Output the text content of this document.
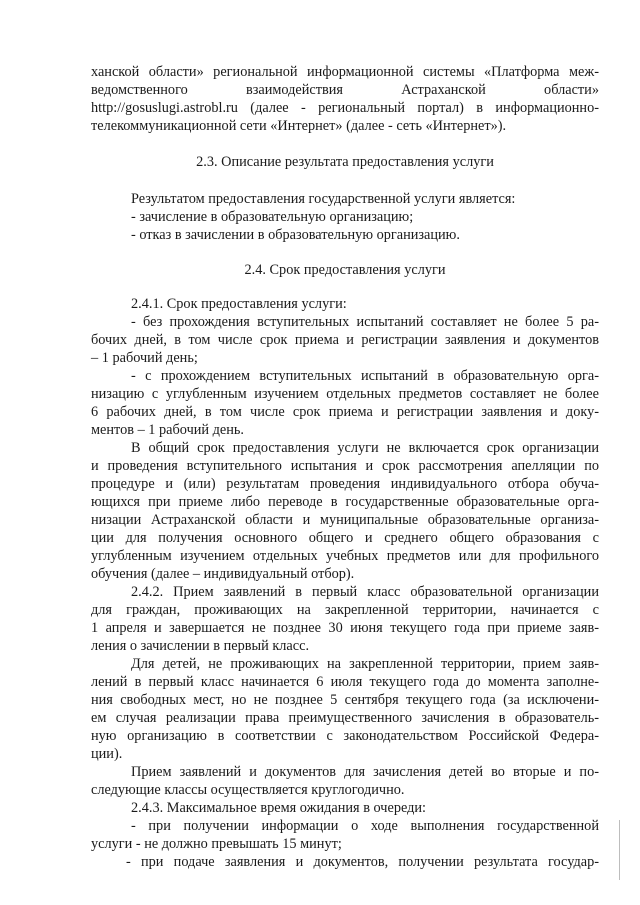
ханской области» региональной информационной системы «Платформа меж-

ведомственного взаимодействия Астраханской области»

http://gosuslugi.astrobl.ru (далее - региональный портал) в информационно-

телекоммуникационной сети «Интернет» (далее - сеть «Интернет»).

2.3. Описание результата предоставления услуги

Результатом предоставления государственной услуги является:

- зачисление в образовательную организацию;

- отказ в зачислении в образовательную организацию.

2.4. Срок предоставления услуги

2.4.1. Срок предоставления услуги:

- без прохождения вступительных испытаний составляет не более 5 ра-

бочих дней, в том числе срок приема и регистрации заявления и документов

– 1 рабочий день;

- с прохождением вступительных испытаний в образовательную орга-

низацию с углубленным изучением отдельных предметов составляет не более

6 рабочих дней, в том числе срок приема и регистрации заявления и доку-

ментов – 1 рабочий день.

В общий срок предоставления услуги не включается срок организации

и проведения вступительного испытания и срок рассмотрения апелляции по

процедуре и (или) результатам проведения индивидуального отбора обуча-

ющихся при приеме либо переводе в государственные образовательные орга-

низации Астраханской области и муниципальные образовательные организа-

ции для получения основного общего и среднего общего образования с

углубленным изучением отдельных учебных предметов или для профильного

обучения (далее – индивидуальный отбор).

2.4.2. Прием заявлений в первый класс образовательной организации

для граждан, проживающих на закрепленной территории, начинается с

1 апреля и завершается не позднее 30 июня текущего года при приеме заяв-

ления о зачислении в первый класс.

Для детей, не проживающих на закрепленной территории, прием заяв-

лений в первый класс начинается 6 июля текущего года до момента заполне-

ния свободных мест, но не позднее 5 сентября текущего года (за исключени-

ем случая реализации права преимущественного зачисления в образователь-

ную организацию в соответствии с законодательством Российской Федера-

ции).

Прием заявлений и документов для зачисления детей во вторые и по-

следующие классы осуществляется круглогодично.

2.4.3. Максимальное время ожидания в очереди:

- при получении информации о ходе выполнения государственной

услуги - не должно превышать 15 минут;

- при подаче заявления и документов, получении результата государ-
